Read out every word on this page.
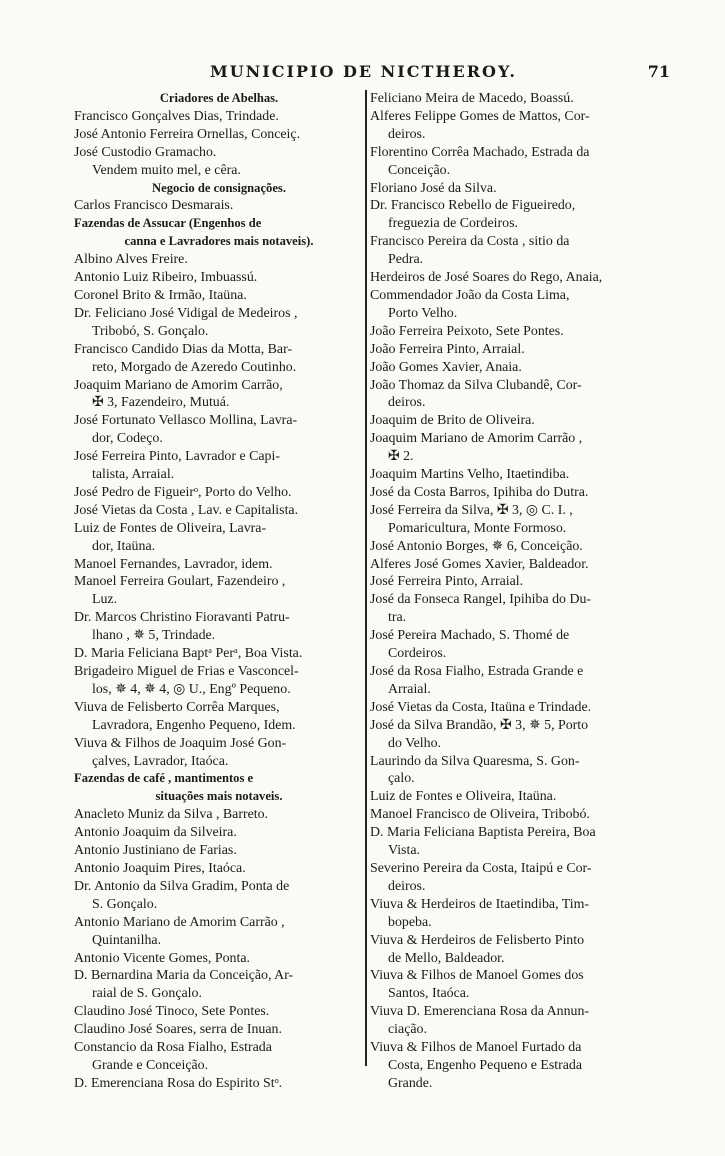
MUNICIPIO DE NICTHEROY.	71
Criadores de Abelhas.
Francisco Gonçalves Dias, Trindade.
José Antonio Ferreira Ornellas, Conceiç.
José Custodio Gramacho.
Vendem muito mel, e cêra.
Negocio de consignações.
Carlos Francisco Desmarais.
Fazendas de Assucar (Engenhos de
canna e Lavradores mais notaveis).
Albino Alves Freire.
Antonio Luiz Ribeiro, Imbuassú.
Coronel Brito & Irmão, Itaüna.
Dr. Feliciano José Vidigal de Medeiros ,
Tribobó, S. Gonçalo.
Francisco Candido Dias da Motta, Bar-
reto, Morgado de Azeredo Coutinho.
Joaquim Mariano de Amorim Carrão,
✠ 3, Fazendeiro, Mutuá.
José Fortunato Vellasco Mollina, Lavra-
dor, Codeço.
José Ferreira Pinto, Lavrador e Capi-
talista, Arraial.
José Pedro de Figueirᵒ, Porto do Velho.
José Vietas da Costa , Lav. e Capitalista.
Luiz de Fontes de Oliveira, Lavra-
dor, Itaüna.
Manoel Fernandes, Lavrador, idem.
Manoel Ferreira Goulart, Fazendeiro ,
Luz.
Dr. Marcos Christino Fioravanti Patru-
lhano , ✵ 5, Trindade.
D. Maria Feliciana Baptᵃ Perᵃ, Boa Vista.
Brigadeiro Miguel de Frias e Vasconcel-
los, ✵ 4, ✵ 4, ◎ U., Engº Pequeno.
Viuva de Felisberto Corrêa Marques,
Lavradora, Engenho Pequeno, Idem.
Viuva & Filhos de Joaquim José Gon-
çalves, Lavrador, Itaóca.
Fazendas de café , mantimentos e
situações mais notaveis.
Anacleto Muniz da Silva , Barreto.
Antonio Joaquim da Silveira.
Antonio Justiniano de Farias.
Antonio Joaquim Pires, Itaóca.
Dr. Antonio da Silva Gradim, Ponta de
S. Gonçalo.
Antonio Mariano de Amorim Carrão ,
Quintanilha.
Antonio Vicente Gomes, Ponta.
D. Bernardina Maria da Conceição, Ar-
raial de S. Gonçalo.
Claudino José Tinoco, Sete Pontes.
Claudino José Soares, serra de Inuan.
Constancio da Rosa Fialho, Estrada
Grande e Conceição.
D. Emerenciana Rosa do Espirito Stᵒ.
Feliciano Meira de Macedo, Boassú.
Alferes Felippe Gomes de Mattos, Cor-
deiros.
Florentino Corrêa Machado, Estrada da
Conceição.
Floriano José da Silva.
Dr. Francisco Rebello de Figueiredo,
freguezia de Cordeiros.
Francisco Pereira da Costa , sitio da
Pedra.
Herdeiros de José Soares do Rego, Anaia,
Commendador João da Costa Lima,
Porto Velho.
João Ferreira Peixoto, Sete Pontes.
João Ferreira Pinto, Arraial.
João Gomes Xavier, Anaia.
João Thomaz da Silva Clubandê, Cor-
deiros.
Joaquim de Brito de Oliveira.
Joaquim Mariano de Amorim Carrão ,
✠ 2.
Joaquim Martins Velho, Itaetindiba.
José da Costa Barros, Ipihiba do Dutra.
José Ferreira da Silva, ✠ 3, ◎ C. I. ,
Pomaricultura, Monte Formoso.
José Antonio Borges, ✵ 6, Conceição.
Alferes José Gomes Xavier, Baldeador.
José Ferreira Pinto, Arraial.
José da Fonseca Rangel, Ipihiba do Du-
tra.
José Pereira Machado, S. Thomé de
Cordeiros.
José da Rosa Fialho, Estrada Grande e
Arraial.
José Vietas da Costa, Itaüna e Trindade.
José da Silva Brandão, ✠ 3, ✵ 5, Porto
do Velho.
Laurindo da Silva Quaresma, S. Gon-
çalo.
Luiz de Fontes e Oliveira, Itaüna.
Manoel Francisco de Oliveira, Tribobó.
D. Maria Feliciana Baptista Pereira, Boa
Vista.
Severino Pereira da Costa, Itaipú e Cor-
deiros.
Viuva & Herdeiros de Itaetindiba, Tim-
bopeba.
Viuva & Herdeiros de Felisberto Pinto
de Mello, Baldeador.
Viuva & Filhos de Manoel Gomes dos
Santos, Itaóca.
Viuva D. Emerenciana Rosa da Annun-
ciação.
Viuva & Filhos de Manoel Furtado da
Costa, Engenho Pequeno e Estrada
Grande.
